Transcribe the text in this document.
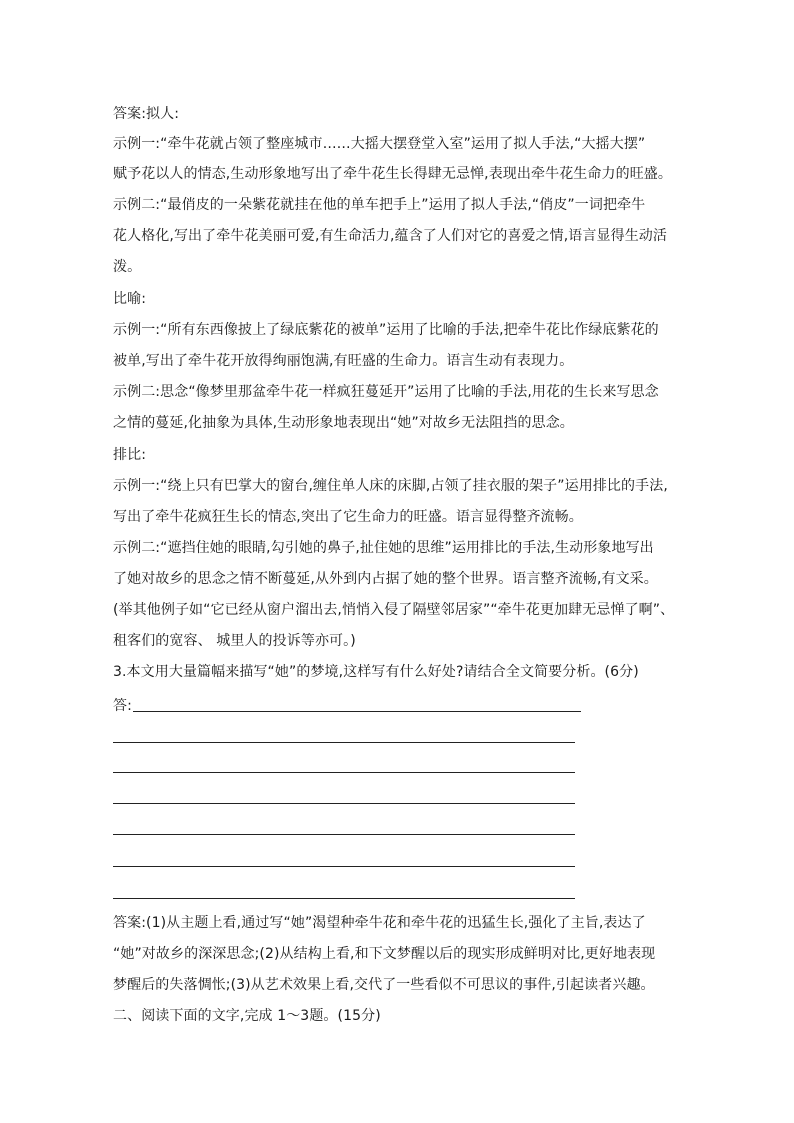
答案:拟人:
示例一:“牵牛花就占领了整座城市……大摇大摆登堂入室”运用了拟人手法,“大摇大摆”
赋予花以人的情态,生动形象地写出了牵牛花生长得肆无忌惮,表现出牵牛花生命力的旺盛。
示例二:“最俏皮的一朵紫花就挂在他的单车把手上”运用了拟人手法,“俏皮”一词把牵牛
花人格化,写出了牵牛花美丽可爱,有生命活力,蕴含了人们对它的喜爱之情,语言显得生动活
泼。
比喻:
示例一:“所有东西像披上了绿底紫花的被单”运用了比喻的手法,把牵牛花比作绿底紫花的
被单,写出了牵牛花开放得绚丽饱满,有旺盛的生命力。语言生动有表现力。
示例二:思念“像梦里那盆牵牛花一样疯狂蔓延开”运用了比喻的手法,用花的生长来写思念
之情的蔓延,化抽象为具体,生动形象地表现出“她”对故乡无法阻挡的思念。
排比:
示例一:“绕上只有巴掌大的窗台,缠住单人床的床脚,占领了挂衣服的架子”运用排比的手法,
写出了牵牛花疯狂生长的情态,突出了它生命力的旺盛。语言显得整齐流畅。
示例二:“遮挡住她的眼睛,勾引她的鼻子,扯住她的思维”运用排比的手法,生动形象地写出
了她对故乡的思念之情不断蔓延,从外到内占据了她的整个世界。语言整齐流畅,有文采。
(举其他例子如“它已经从窗户溜出去,悄悄入侵了隔壁邻居家”“牵牛花更加肆无忌惮了啊”、
租客们的宽容、 城里人的投诉等亦可。)
3.本文用大量篇幅来描写“她”的梦境,这样写有什么好处?请结合全文简要分析。(6分)
答:
答案:(1)从主题上看,通过写“她”渴望种牵牛花和牵牛花的迅猛生长,强化了主旨,表达了
“她”对故乡的深深思念;(2)从结构上看,和下文梦醒以后的现实形成鲜明对比,更好地表现
梦醒后的失落惆怅;(3)从艺术效果上看,交代了一些看似不可思议的事件,引起读者兴趣。
二、阅读下面的文字,完成 1～3题。(15分)
